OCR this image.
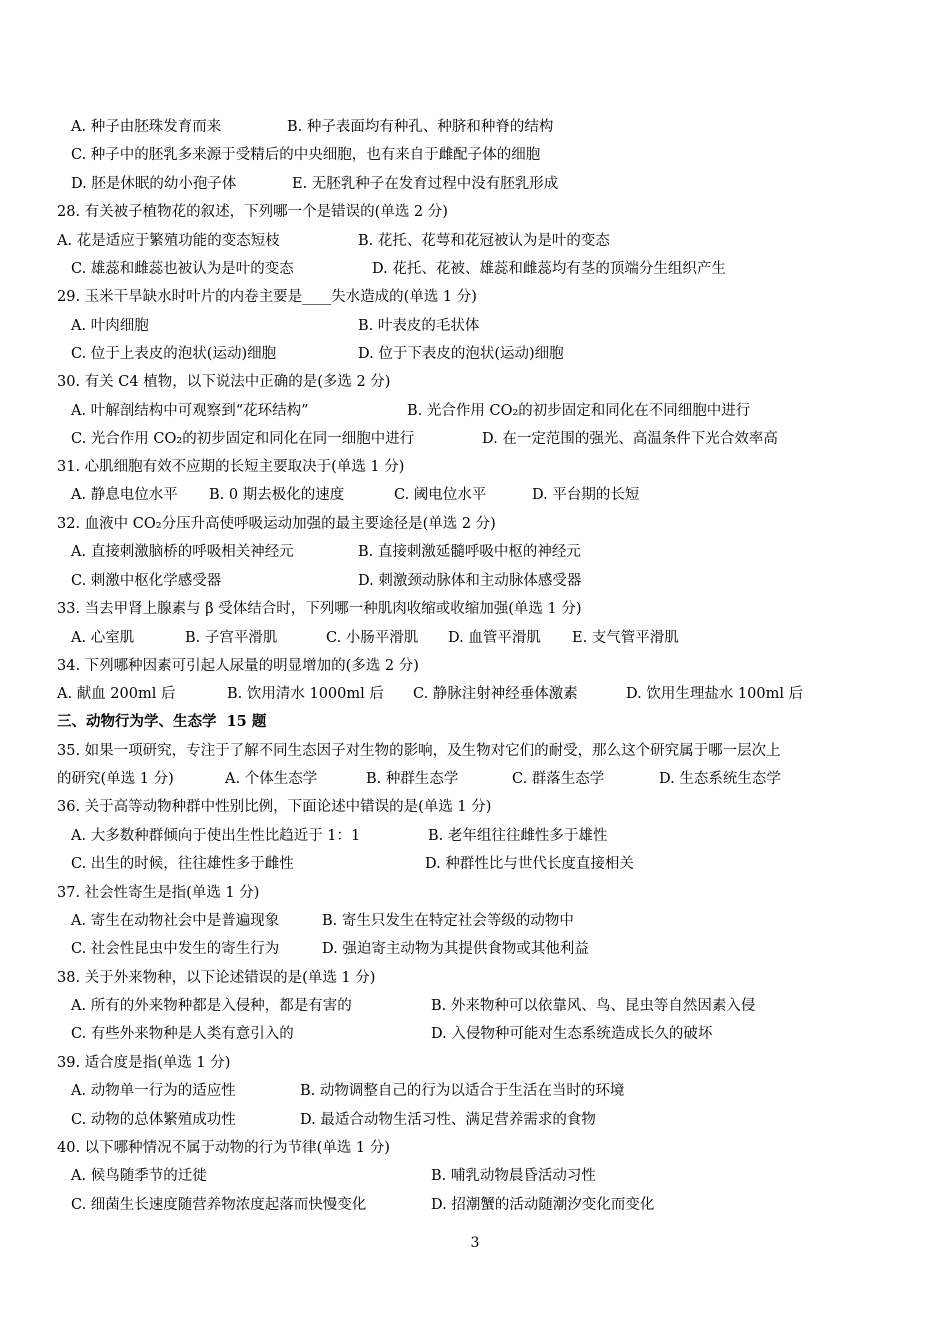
A. 种子由胚珠发育而来

	B. 种子表面均有种孔、种脐和种脊的结构

C. 种子中的胚乳多来源于受精后的中央细胞，也有来自于雌配子体的细胞

D. 胚是休眠的幼小孢子体

	E. 无胚乳种子在发育过程中没有胚乳形成

28. 有关被子植物花的叙述，下列哪一个是错误的(单选 2 分)

A. 花是适应于繁殖功能的变态短枝

	B. 花托、花萼和花冠被认为是叶的变态

C. 雄蕊和雌蕊也被认为是叶的变态

	D. 花托、花被、雄蕊和雌蕊均有茎的顶端分生组织产生

29. 玉米干旱缺水时叶片的内卷主要是____失水造成的(单选 1 分)

A. 叶肉细胞

	B. 叶表皮的毛状体

C. 位于上表皮的泡状(运动)细胞

	D. 位于下表皮的泡状(运动)细胞

30. 有关 C4 植物，以下说法中正确的是(多选 2 分)

A. 叶解剖结构中可观察到“花环结构”

	B. 光合作用 CO₂的初步固定和同化在不同细胞中进行

C. 光合作用 CO₂的初步固定和同化在同一细胞中进行

	D. 在一定范围的强光、高温条件下光合效率高

31. 心肌细胞有效不应期的长短主要取决于(单选 1 分)

A. 静息电位水平

B. 0 期去极化的速度

	C. 阈电位水平

	D. 平台期的长短

32. 血液中 CO₂分压升高使呼吸运动加强的最主要途径是(单选 2 分)

A. 直接刺激脑桥的呼吸相关神经元

	B. 直接刺激延髓呼吸中枢的神经元

C. 刺激中枢化学感受器

	D. 刺激颈动脉体和主动脉体感受器

33. 当去甲肾上腺素与 β 受体结合时，下列哪一种肌肉收缩或收缩加强(单选 1 分)

A. 心室肌

	B. 子宫平滑肌

	C. 小肠平滑肌

D. 血管平滑肌

E. 支气管平滑肌

34. 下列哪种因素可引起人尿量的明显增加的(多选 2 分)

A. 献血 200ml 后

	B. 饮用清水 1000ml 后

C. 静脉注射神经垂体激素

	D. 饮用生理盐水 100ml 后

三、动物行为学、生态学  15 题

35. 如果一项研究，专注于了解不同生态因子对生物的影响，及生物对它们的耐受，那么这个研究属于哪一层次上

的研究(单选 1 分)

	A. 个体生态学

	B. 种群生态学

	C. 群落生态学

	D. 生态系统生态学

36. 关于高等动物种群中性别比例，下面论述中错误的是(单选 1 分)

A. 大多数种群倾向于使出生性比趋近于 1：1

	B. 老年组往往雌性多于雄性

C. 出生的时候，往往雄性多于雌性

	D. 种群性比与世代长度直接相关

37. 社会性寄生是指(单选 1 分)

A. 寄生在动物社会中是普遍现象

	B. 寄生只发生在特定社会等级的动物中

C. 社会性昆虫中发生的寄生行为

	D. 强迫寄主动物为其提供食物或其他利益

38. 关于外来物种，以下论述错误的是(单选 1 分)

A. 所有的外来物种都是入侵种，都是有害的

	B. 外来物种可以依靠风、鸟、昆虫等自然因素入侵

C. 有些外来物种是人类有意引入的

	D. 入侵物种可能对生态系统造成长久的破坏

39. 适合度是指(单选 1 分)

A. 动物单一行为的适应性

	B. 动物调整自己的行为以适合于生活在当时的环境

C. 动物的总体繁殖成功性

	D. 最适合动物生活习性、满足营养需求的食物

40. 以下哪种情况不属于动物的行为节律(单选 1 分)

A. 候鸟随季节的迁徙

	B. 哺乳动物晨昏活动习性

C. 细菌生长速度随营养物浓度起落而快慢变化

	D. 招潮蟹的活动随潮汐变化而变化

3
